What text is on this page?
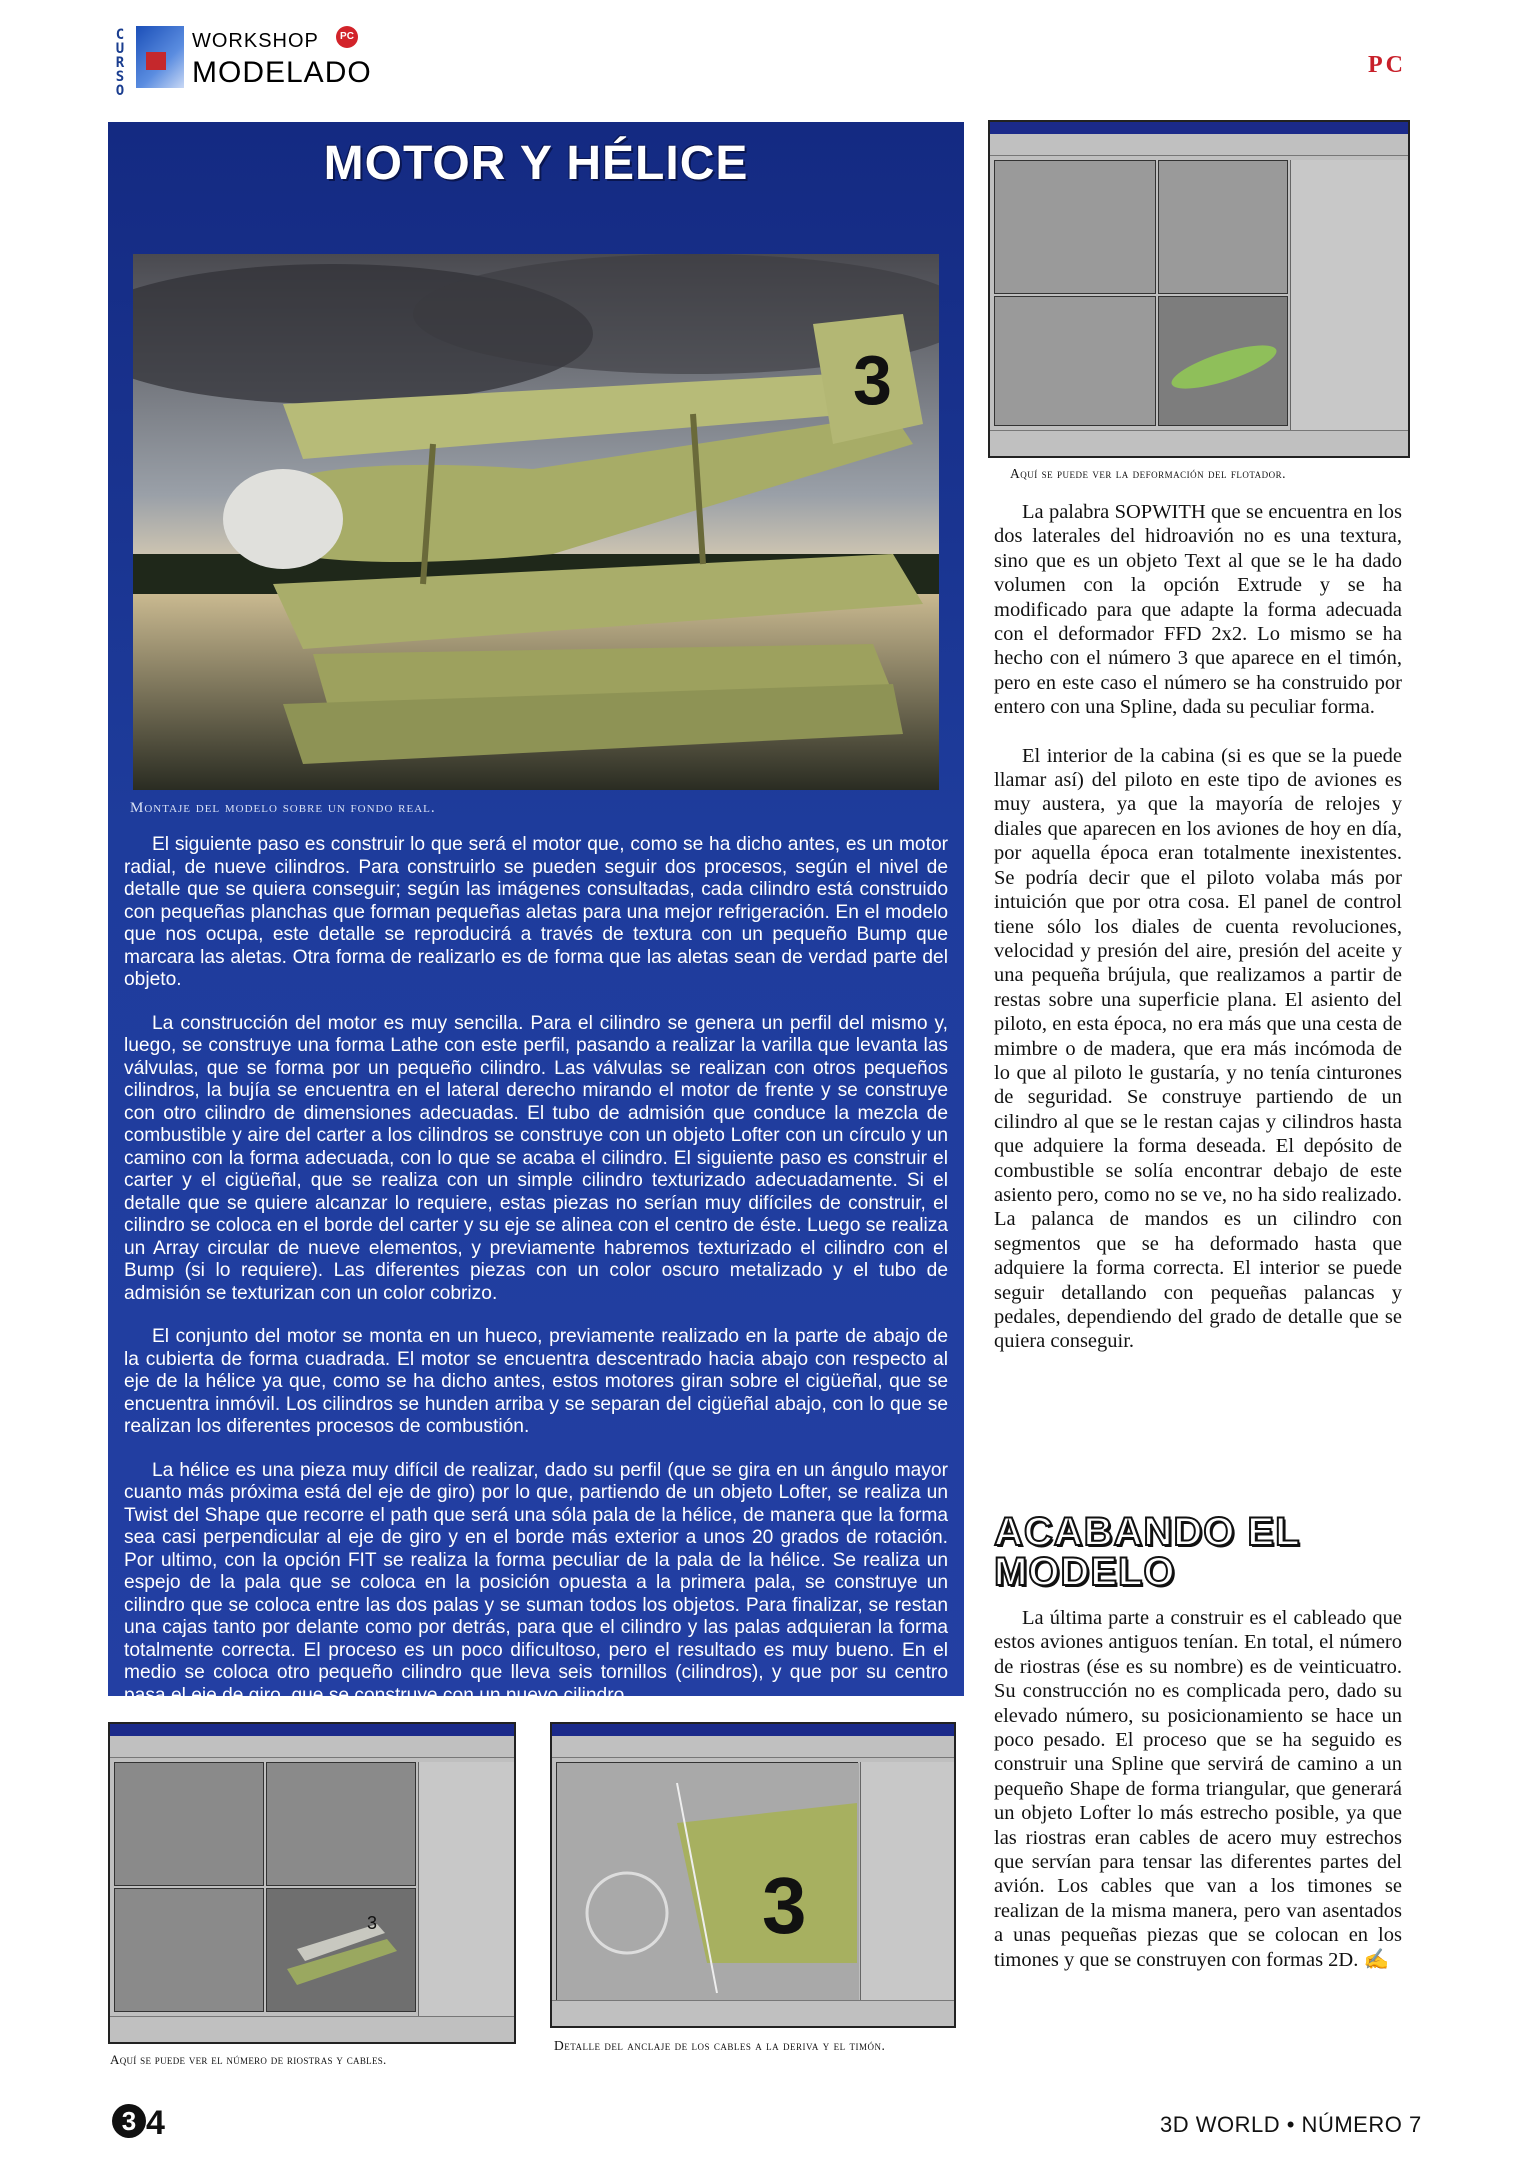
CURSO
WORKSHOP
MODELADO
PC
PC
MOTOR Y HÉLICE
3
Montaje del modelo sobre un fondo real.

El siguiente paso es construir lo que será el motor que, como se ha dicho antes, es un motor radial, de nueve cilindros. Para construirlo se pueden seguir dos procesos, según el nivel de detalle que se quiera conseguir; según las imágenes consultadas, cada cilindro está construido con pequeñas planchas que forman pequeñas aletas para una mejor refrigeración. En el modelo que nos ocupa, este detalle se reproducirá a través de textura con un pequeño Bump que marcara las aletas. Otra forma de realizarlo es de forma que las aletas sean de verdad parte del objeto.

La construcción del motor es muy sencilla. Para el cilindro se genera un perfil del mismo y, luego, se construye una forma Lathe con este perfil, pasando a realizar la varilla que levanta las válvulas, que se forma por un pequeño cilindro. Las válvulas se realizan con otros pequeños cilindros, la bujía se encuentra en el lateral derecho mirando el motor de frente y se construye con otro cilindro de dimensiones adecuadas. El tubo de admisión que conduce la mezcla de combustible y aire del carter a los cilindros se construye con un objeto Lofter con un círculo y un camino con la forma adecuada, con lo que se acaba el cilindro. El siguiente paso es construir el carter y el cigüeñal, que se realiza con un simple cilindro texturizado adecuadamente. Si el detalle que se quiere alcanzar lo requiere, estas piezas no serían muy difíciles de construir, el cilindro se coloca en el borde del carter y su eje se alinea con el centro de éste. Luego se realiza un Array circular de nueve elementos, y previamente habremos texturizado el cilindro con el Bump (si lo requiere). Las diferentes piezas con un color oscuro metalizado y el tubo de admisión se texturizan con un color cobrizo.

El conjunto del motor se monta en un hueco, previamente realizado en la parte de abajo de la cubierta de forma cuadrada. El motor se encuentra descentrado hacia abajo con respecto al eje de la hélice ya que, como se ha dicho antes, estos motores giran sobre el cigüeñal, que se encuentra inmóvil. Los cilindros se hunden arriba y se separan del cigüeñal abajo, con lo que se realizan los diferentes procesos de combustión.

La hélice es una pieza muy difícil de realizar, dado su perfil (que se gira en un ángulo mayor cuanto más próxima está del eje de giro) por lo que, partiendo de un objeto Lofter, se realiza un Twist del Shape que recorre el path que será una sóla pala de la hélice, de manera que la forma sea casi perpendicular al eje de giro y en el borde más exterior a unos 20 grados de rotación. Por ultimo, con la opción FIT se realiza la forma peculiar de la pala de la hélice. Se realiza un espejo de la pala que se coloca en la posición opuesta a la primera pala, se construye un cilindro que se coloca entre las dos palas y se suman todos los objetos. Para finalizar, se restan una cajas tanto por delante como por detrás, para que el cilindro y las palas adquieran la forma totalmente correcta. El proceso es un poco dificultoso, pero el resultado es muy bueno. En el medio se coloca otro pequeño cilindro que lleva seis tornillos (cilindros), y que por su centro pasa el eje de giro, que se construye con un nuevo cilindro.

Aquí se puede ver la deformación del flotador.

La palabra SOPWITH que se encuentra en los dos laterales del hidroavión no es una textura, sino que es un objeto Text al que se le ha dado volumen con la opción Extrude y se ha modificado para que adapte la forma adecuada con el deformador FFD 2x2. Lo mismo se ha hecho con el número 3 que aparece en el timón, pero en este caso el número se ha construido por entero con una Spline, dada su peculiar forma.

El interior de la cabina (si es que se la puede llamar así) del piloto en este tipo de aviones es muy austera, ya que la mayoría de relojes y diales que aparecen en los aviones de hoy en día, por aquella época eran totalmente inexistentes. Se podría decir que el piloto volaba más por intuición que por otra cosa. El panel de control tiene sólo los diales de cuenta revoluciones, velocidad y presión del aire, presión del aceite y una pequeña brújula, que realizamos a partir de restas sobre una superficie plana. El asiento del piloto, en esta época, no era más que una cesta de mimbre o de madera, que era más incómoda de lo que al piloto le gustaría, y no tenía cinturones de seguridad. Se construye partiendo de un cilindro al que se le restan cajas y cilindros hasta que adquiere la forma deseada. El depósito de combustible se solía encontrar debajo de este asiento pero, como no se ve, no ha sido realizado. La palanca de mandos es un cilindro con segmentos que se ha deformado hasta que adquiere la forma correcta. El interior se puede seguir detallando con pequeñas palancas y pedales, dependiendo del grado de detalle que se quiera conseguir.

ACABANDO EL
MODELO

La última parte a construir es el cableado que estos aviones antiguos tenían. En total, el número de riostras (ése es su nombre) es de veinticuatro. Su construcción no es complicada pero, dado su elevado número, su posicionamiento se hace un poco pesado. El proceso que se ha seguido es construir una Spline que servirá de camino a un pequeño Shape de forma triangular, que generará un objeto Lofter lo más estrecho posible, ya que las riostras eran cables de acero muy estrechos que servían para tensar las diferentes partes del avión. Los cables que van a los timones se realizan de la misma manera, pero van asentados a unas pequeñas piezas que se colocan en los timones y que se construyen con formas 2D. ✍

3
Aquí se puede ver el número de riostras y cables.
3
Detalle del anclaje de los cables a la deriva y el timón.
3 4	3D WORLD • NÚMERO 7
